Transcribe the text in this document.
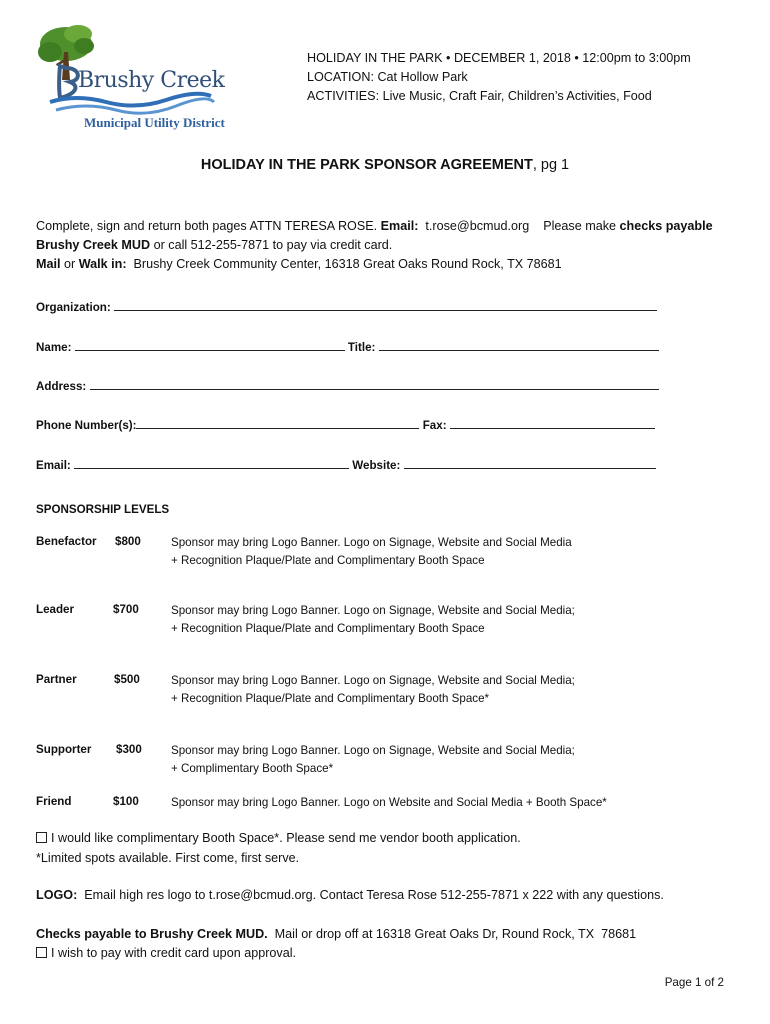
Brushy Creek
Municipal Utility District
HOLIDAY IN THE PARK • DECEMBER 1, 2018 • 12:00pm to 3:00pm
LOCATION: Cat Hollow Park
ACTIVITIES: Live Music, Craft Fair, Children’s Activities, Food
HOLIDAY IN THE PARK SPONSOR AGREEMENT, pg 1
Complete, sign and return both pages ATTN TERESA ROSE. Email:  t.rose@bcmud.org    Please make checks payable
Brushy Creek MUD or call 512-255-7871 to pay via credit card.
Mail or Walk in:  Brushy Creek Community Center, 16318 Great Oaks Round Rock, TX 78681
Organization:
Name:	Title:
Address:
Phone Number(s):	Fax:
Email:	Website:
SPONSORSHIP LEVELS
Benefactor $800	Sponsor may bring Logo Banner. Logo on Signage, Website and Social Media
+ Recognition Plaque/Plate and Complimentary Booth Space
Leader	$700	Sponsor may bring Logo Banner. Logo on Signage, Website and Social Media;
+ Recognition Plaque/Plate and Complimentary Booth Space
Partner	$500	Sponsor may bring Logo Banner. Logo on Signage, Website and Social Media;
+ Recognition Plaque/Plate and Complimentary Booth Space*
Supporter $300	Sponsor may bring Logo Banner. Logo on Signage, Website and Social Media;
+ Complimentary Booth Space*
Friend	$100	Sponsor may bring Logo Banner. Logo on Website and Social Media + Booth Space*
I would like complimentary Booth Space*. Please send me vendor booth application.
*Limited spots available. First come, first serve.
LOGO:  Email high res logo to t.rose@bcmud.org. Contact Teresa Rose 512-255-7871 x 222 with any questions.
Checks payable to Brushy Creek MUD.  Mail or drop off at 16318 Great Oaks Dr, Round Rock, TX  78681
I wish to pay with credit card upon approval.
Page 1 of 2
